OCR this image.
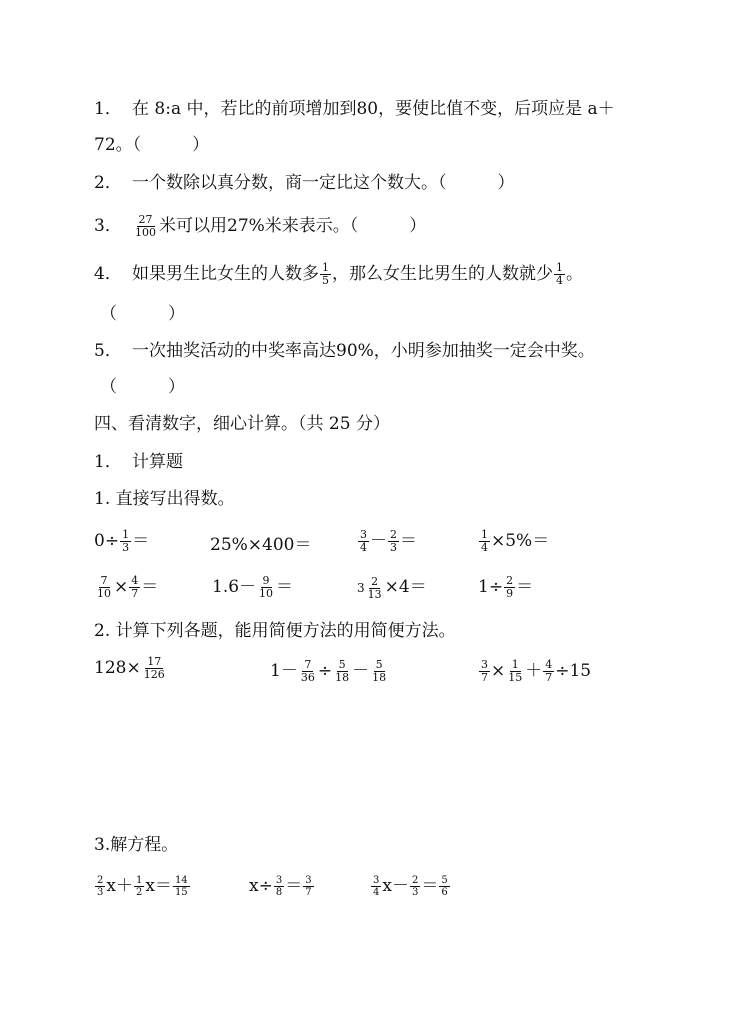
1． 在 8:a 中，若比的前项增加到80，要使比值不变，后项应是 a＋
72。（　　　）
2． 一个数除以真分数，商一定比这个数大。（　　　）
3． $\frac{27}{100}$ 米可以用27%米来表示。（　　　）
4． 如果男生比女生的人数多 $\frac{1}{5}$ ，那么女生比男生的人数就少 $\frac{1}{4}$ 。
（　　　）
5． 一次抽奖活动的中奖率高达90%，小明参加抽奖一定会中奖。
（　　　）
四、看清数字，细心计算。（共 25 分）
1． 计算题
1. 直接写出得数。
$0\div \frac{1}{3}$ ＝	25%×400＝	$\frac{3}{4} - \frac{2}{3}$ ＝	$\frac{1}{4} \times 5\%=$
$\frac{7}{10} \times \frac{4}{7}$ ＝	$1.6- \frac{9}{10}$ ＝	$3 \frac{2}{13} \times 4=$	$1\div \frac{2}{9}$ ＝
2. 计算下列各题，能用简便方法的用简便方法。
$128\times \frac{17}{126}$	$1- \frac{7}{36} \div \frac{5}{18} - \frac{5}{18}$	$\frac{3}{7} \times \frac{1}{15} + \frac{4}{7} \div 15$
3.解方程。
$\frac{2}{3} x+ \frac{1}{2} x= \frac{14}{15}$	$x\div \frac{3}{8} = \frac{3}{7}$	$\frac{3}{4} x- \frac{2}{3} = \frac{5}{6}$
